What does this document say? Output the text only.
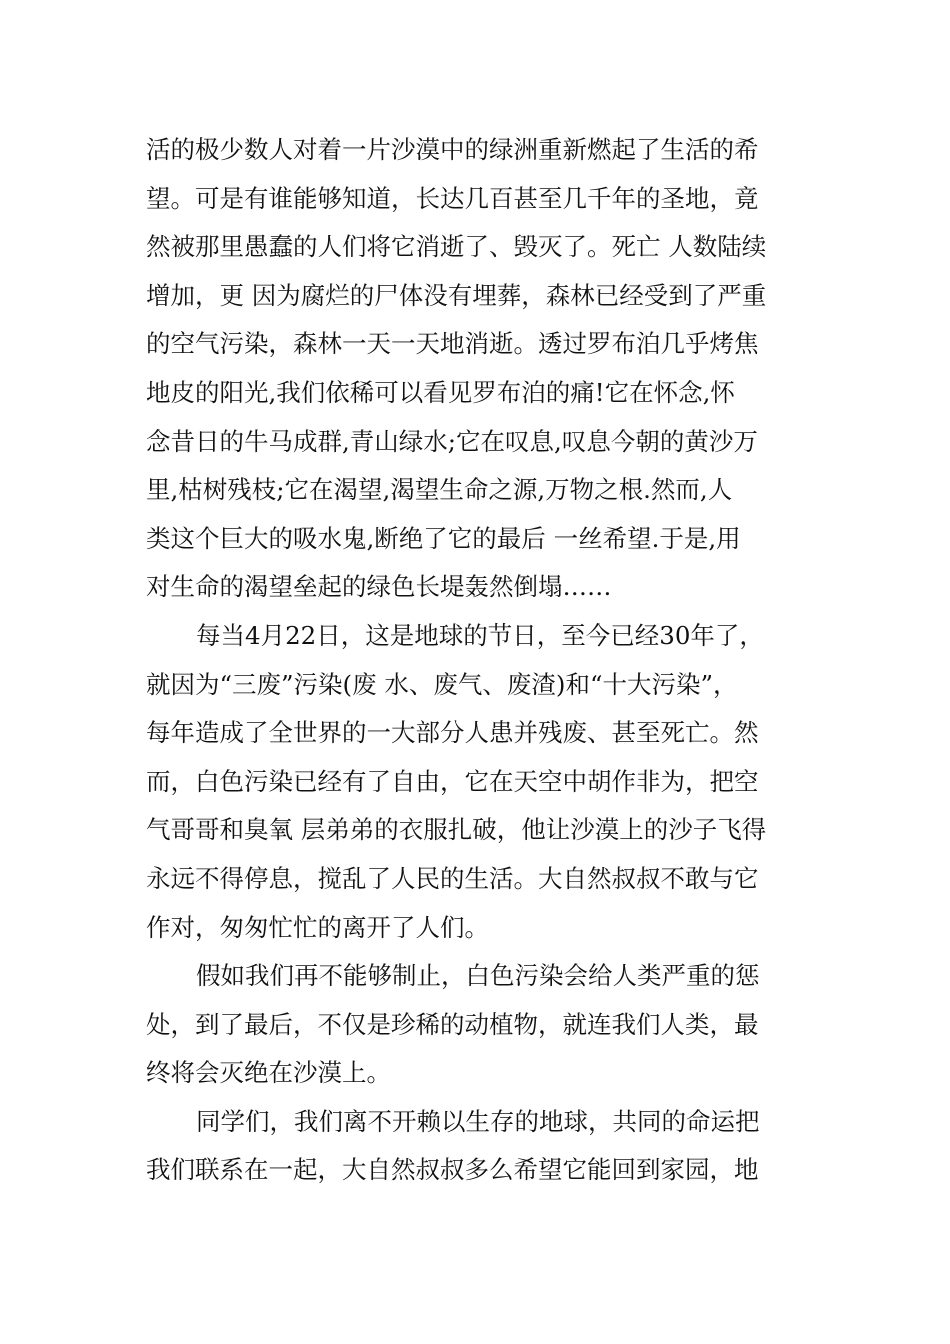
活的极少数人对着一片沙漠中的绿洲重新燃起了生活的希
望。可是有谁能够知道，长达几百甚至几千年的圣地，竟
然被那里愚蠢的人们将它消逝了、毁灭了。死亡 人数陆续
增加，更 因为腐烂的尸体没有埋葬，森林已经受到了严重
的空气污染，森林一天一天地消逝。透过罗布泊几乎烤焦
地皮的阳光,我们依稀可以看见罗布泊的痛!它在怀念,怀
念昔日的牛马成群,青山绿水;它在叹息,叹息今朝的黄沙万
里,枯树残枝;它在渴望,渴望生命之源,万物之根.然而,人
类这个巨大的吸水鬼,断绝了它的最后 一丝希望.于是,用
对生命的渴望垒起的绿色长堤轰然倒塌……
每当4月22日，这是地球的节日，至今已经30年了，
就因为“三废”污染(废 水、废气、废渣)和“十大污染”，
每年造成了全世界的一大部分人患并残废、甚至死亡。然
而，白色污染已经有了自由，它在天空中胡作非为，把空
气哥哥和臭氧 层弟弟的衣服扎破，他让沙漠上的沙子飞得
永远不得停息，搅乱了人民的生活。大自然叔叔不敢与它
作对，匆匆忙忙的离开了人们。
假如我们再不能够制止，白色污染会给人类严重的惩
处，到了最后，不仅是珍稀的动植物，就连我们人类，最
终将会灭绝在沙漠上。
同学们，我们离不开赖以生存的地球，共同的命运把
我们联系在一起，大自然叔叔多么希望它能回到家园，地
